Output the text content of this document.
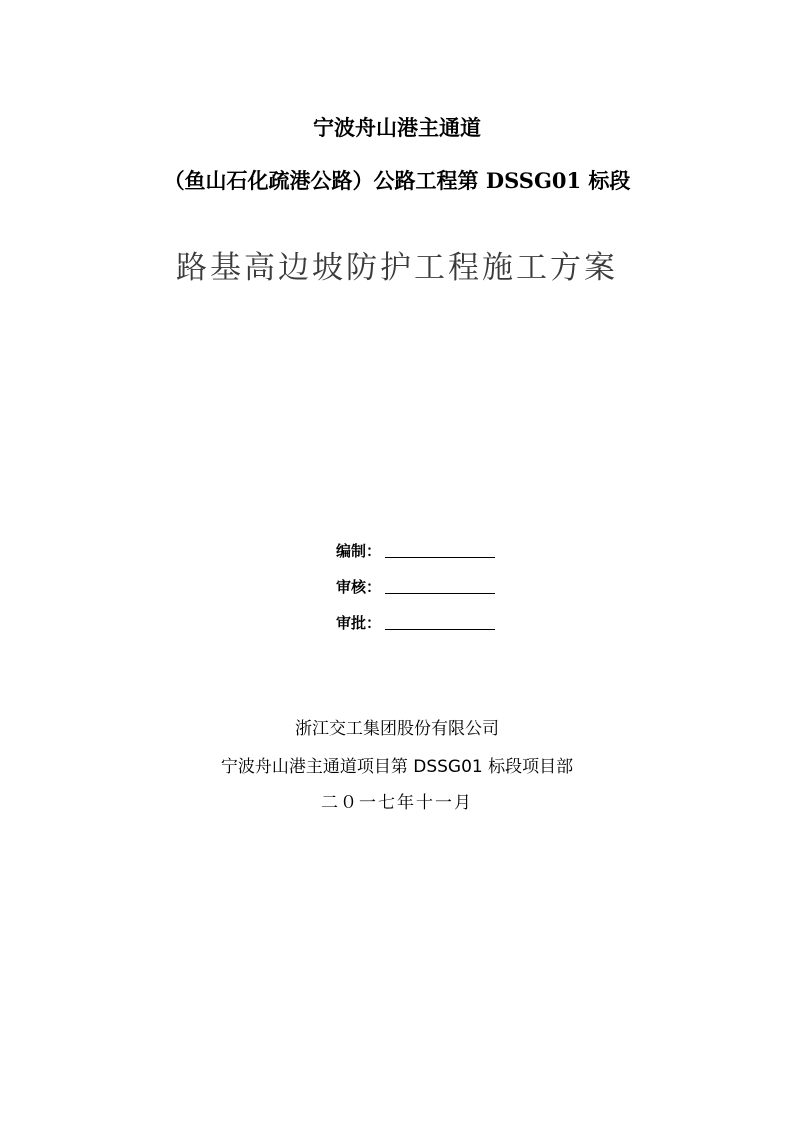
宁波舟山港主通道
（鱼山石化疏港公路）公路工程第 DSSG01 标段
路基高边坡防护工程施工方案
编制：
审核：
审批：
浙江交工集团股份有限公司
宁波舟山港主通道项目第 DSSG01 标段项目部
二０一七年十一月
